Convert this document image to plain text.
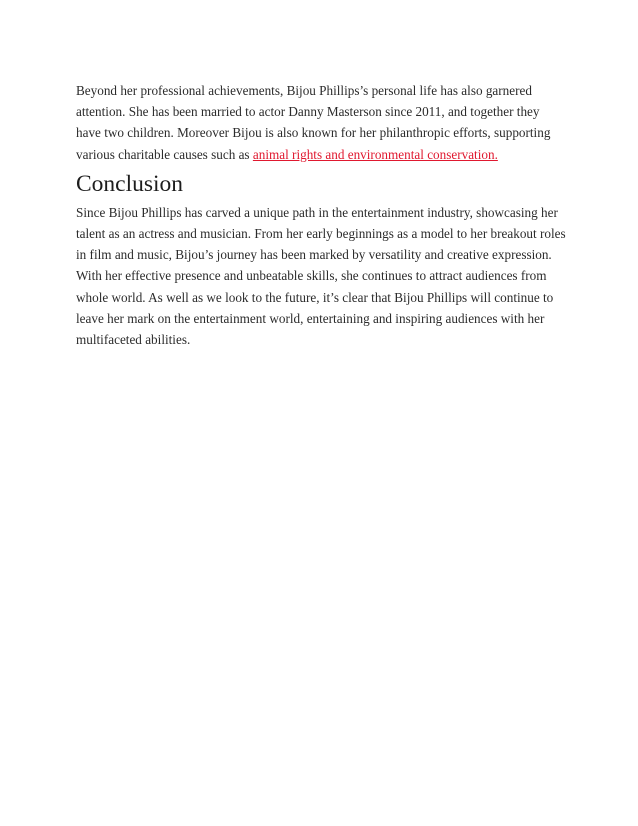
Beyond her professional achievements, Bijou Phillips’s personal life has also garnered attention. She has been married to actor Danny Masterson since 2011, and together they have two children. Moreover Bijou is also known for her philanthropic efforts, supporting various charitable causes such as animal rights and environmental conservation.

Conclusion

Since Bijou Phillips has carved a unique path in the entertainment industry, showcasing her talent as an actress and musician. From her early beginnings as a model to her breakout roles in film and music, Bijou’s journey has been marked by versatility and creative expression. With her effective presence and unbeatable skills, she continues to attract audiences from whole world. As well as we look to the future, it’s clear that Bijou Phillips will continue to leave her mark on the entertainment world, entertaining and inspiring audiences with her multifaceted abilities.
